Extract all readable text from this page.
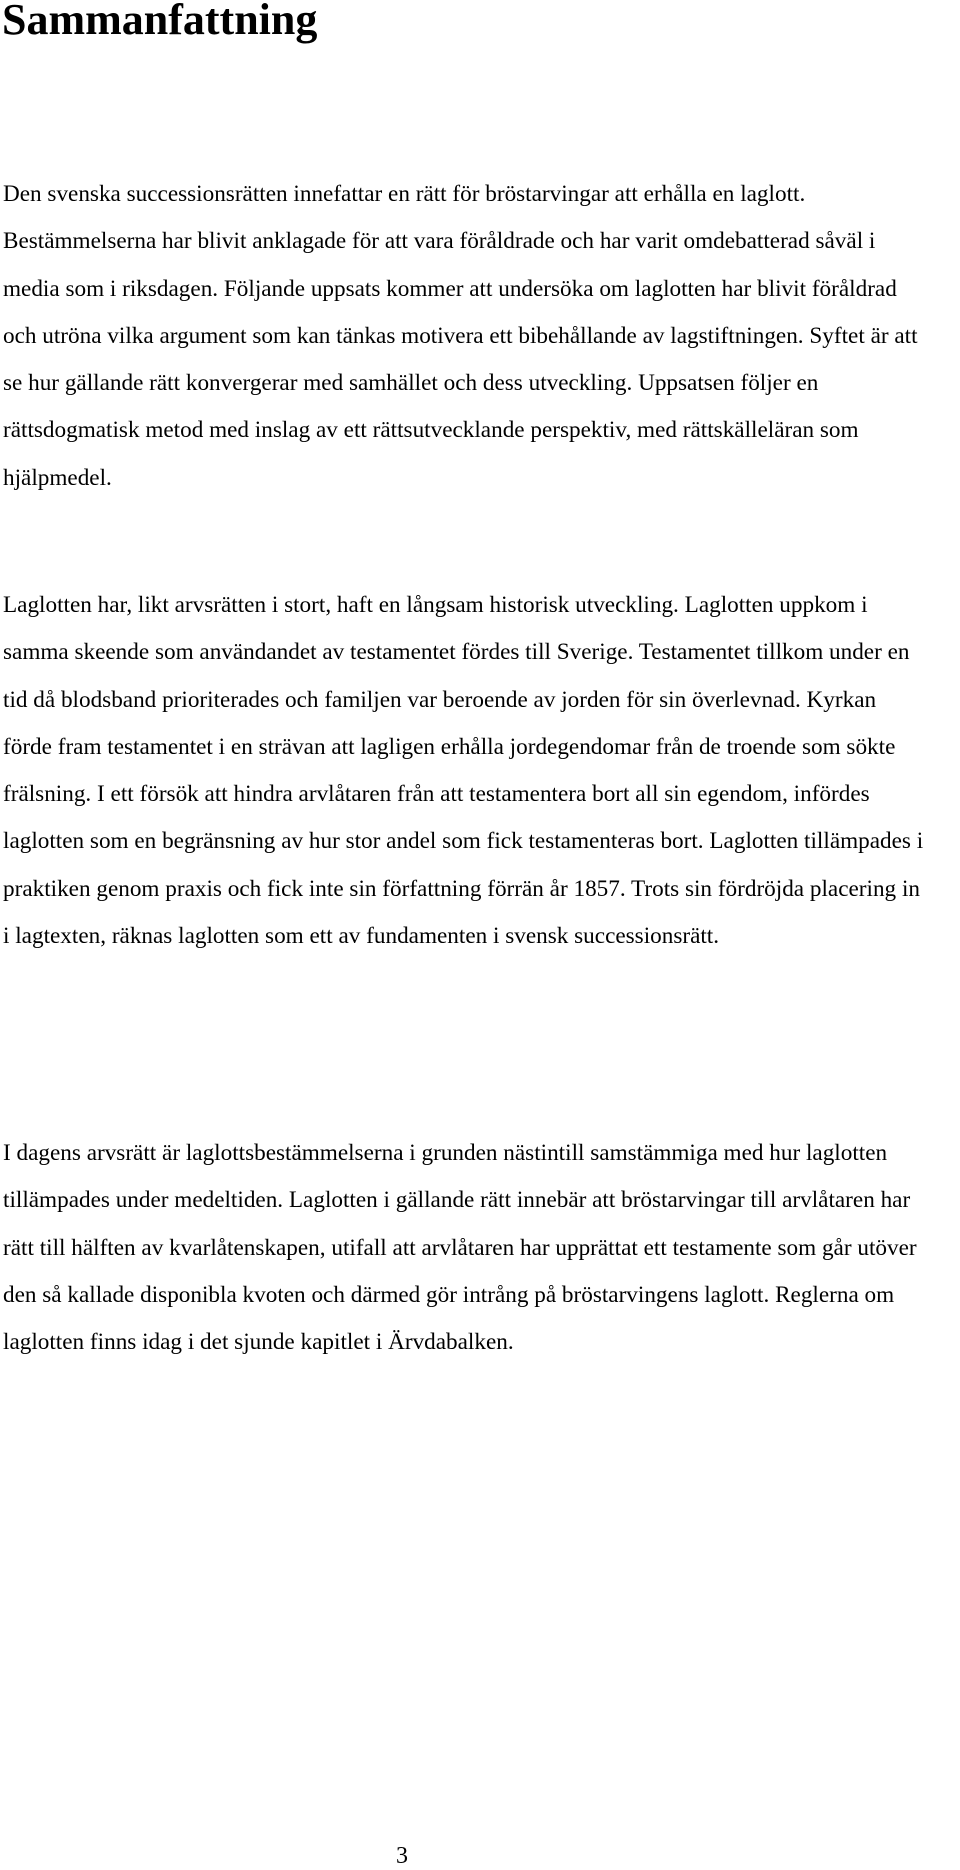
Sammanfattning

Den svenska successionsrätten innefattar en rätt för bröstarvingar att erhålla en laglott. Bestämmelserna har blivit anklagade för att vara föråldrade och har varit omdebatterad såväl i media som i riksdagen. Följande uppsats kommer att undersöka om laglotten har blivit föråldrad och utröna vilka argument som kan tänkas motivera ett bibehållande av lagstiftningen. Syftet är att se hur gällande rätt konvergerar med samhället och dess utveckling. Uppsatsen följer en rättsdogmatisk metod med inslag av ett rättsutvecklande perspektiv, med rättskälleläran som hjälpmedel.

Laglotten har, likt arvsrätten i stort, haft en långsam historisk utveckling. Laglotten uppkom i samma skeende som användandet av testamentet fördes till Sverige. Testamentet tillkom under en tid då blodsband prioriterades och familjen var beroende av jorden för sin överlevnad. Kyrkan förde fram testamentet i en strävan att lagligen erhålla jordegendomar från de troende som sökte frälsning. I ett försök att hindra arvlåtaren från att testamentera bort all sin egendom, infördes laglotten som en begränsning av hur stor andel som fick testamenteras bort. Laglotten tillämpades i praktiken genom praxis och fick inte sin författning förrän år 1857. Trots sin fördröjda placering in i lagtexten, räknas laglotten som ett av fundamenten i svensk successionsrätt.

I dagens arvsrätt är laglottsbestämmelserna i grunden nästintill samstämmiga med hur laglotten tillämpades under medeltiden. Laglotten i gällande rätt innebär att bröstarvingar till arvlåtaren har rätt till hälften av kvarlåtenskapen, utifall att arvlåtaren har upprättat ett testamente som går utöver den så kallade disponibla kvoten och därmed gör intrång på bröstarvingens laglott. Reglerna om laglotten finns idag i det sjunde kapitlet i Ärvdabalken.

3
